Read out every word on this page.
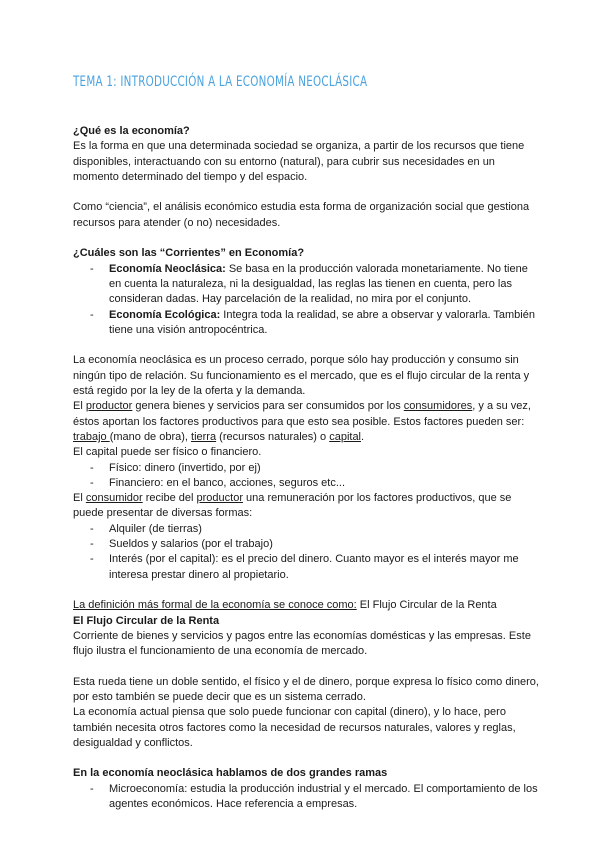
TEMA 1: INTRODUCCIÓN A LA ECONOMÍA NEOCLÁSICA

¿Qué es la economía?

Es la forma en que una determinada sociedad se organiza, a partir de los recursos que tiene disponibles, interactuando con su entorno (natural), para cubrir sus necesidades en un momento determinado del tiempo y del espacio.

Como “ciencia”, el análisis económico estudia esta forma de organización social que gestiona recursos para atender (o no) necesidades.

¿Cuáles son las “Corrientes” en Economía?

- Economía Neoclásica: Se basa en la producción valorada monetariamente. No tiene en cuenta la naturaleza, ni la desigualdad, las reglas las tienen en cuenta, pero las consideran dadas. Hay parcelación de la realidad, no mira por el conjunto.
- Economía Ecológica: Integra toda la realidad, se abre a observar y valorarla. También tiene una visión antropocéntrica.

La economía neoclásica es un proceso cerrado, porque sólo hay producción y consumo sin ningún tipo de relación. Su funcionamiento es el mercado, que es el flujo circular de la renta y está regido por la ley de la oferta y la demanda.

El productor genera bienes y servicios para ser consumidos por los consumidores, y a su vez, éstos aportan los factores productivos para que esto sea posible. Estos factores pueden ser: trabajo (mano de obra), tierra (recursos naturales) o capital.

El capital puede ser físico o financiero.

- Físico: dinero (invertido, por ej)
- Financiero: en el banco, acciones, seguros etc...

El consumidor recibe del productor una remuneración por los factores productivos, que se puede presentar de diversas formas:

- Alquiler (de tierras)
- Sueldos y salarios (por el trabajo)
- Interés (por el capital): es el precio del dinero. Cuanto mayor es el interés mayor me interesa prestar dinero al propietario.

La definición más formal de la economía se conoce como: El Flujo Circular de la Renta

El Flujo Circular de la Renta

Corriente de bienes y servicios y pagos entre las economías domésticas y las empresas. Este flujo ilustra el funcionamiento de una economía de mercado.

Esta rueda tiene un doble sentido, el físico y el de dinero, porque expresa lo físico como dinero, por esto también se puede decir que es un sistema cerrado.

La economía actual piensa que solo puede funcionar con capital (dinero), y lo hace, pero también necesita otros factores como la necesidad de recursos naturales, valores y reglas, desigualdad y conflictos.

En la economía neoclásica hablamos de dos grandes ramas

- Microeconomía: estudia la producción industrial y el mercado. El comportamiento de los agentes económicos. Hace referencia a empresas.
